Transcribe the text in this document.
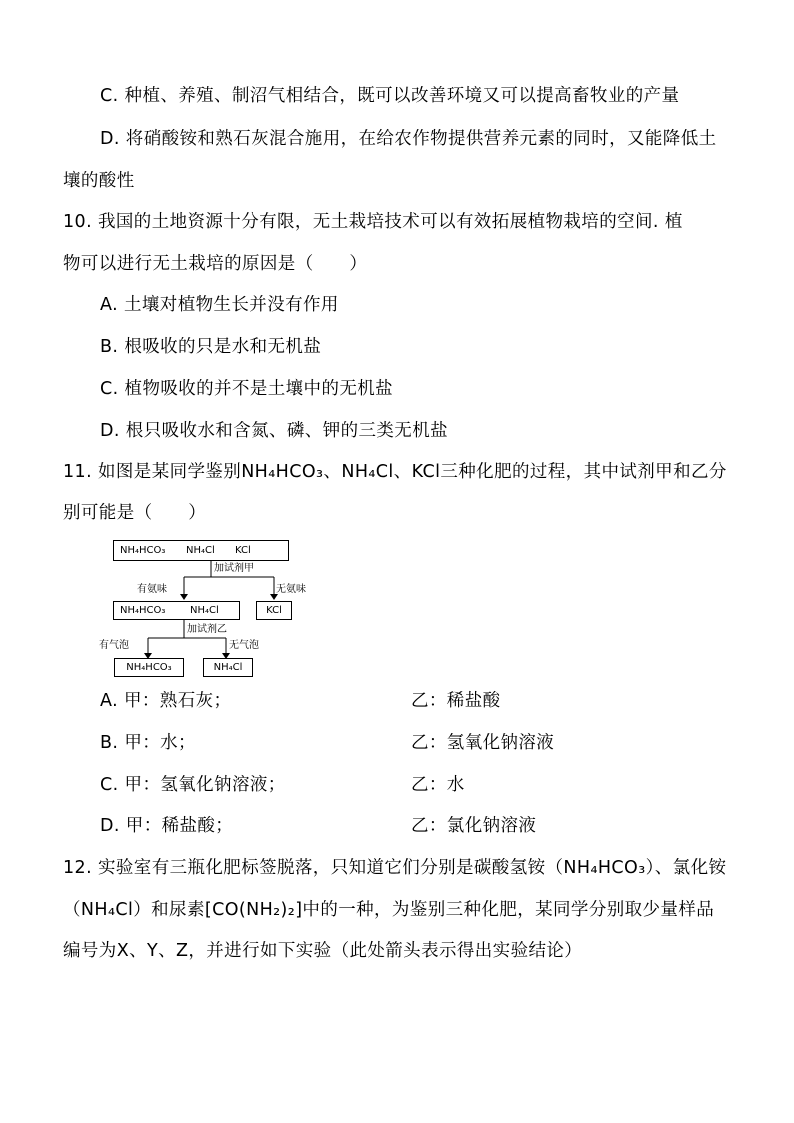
C. 种植、养殖、制沼气相结合，既可以改善环境又可以提高畜牧业的产量
D. 将硝酸铵和熟石灰混合施用，在给农作物提供营养元素的同时，又能降低土
壤的酸性
10. 我国的土地资源十分有限，无土栽培技术可以有效拓展植物栽培的空间. 植
物可以进行无土栽培的原因是（　　）
A. 土壤对植物生长并没有作用
B. 根吸收的只是水和无机盐
C. 植物吸收的并不是土壤中的无机盐
D. 根只吸收水和含氮、磷、钾的三类无机盐
11. 如图是某同学鉴别NH₄HCO₃、NH₄Cl、KCl三种化肥的过程，其中试剂甲和乙分
别可能是（　　）
NH₄HCO₃ NH₄Cl KCl
加试剂甲
有氨味	无氨味
NH₄HCO₃ NH₄Cl	KCl
加试剂乙
有气泡	无气泡
NH₄HCO₃	NH₄Cl
A. 甲：熟石灰；	乙：稀盐酸
B. 甲：水；	乙：氢氧化钠溶液
C. 甲：氢氧化钠溶液；	乙：水
D. 甲：稀盐酸；	乙：氯化钠溶液
12. 实验室有三瓶化肥标签脱落，只知道它们分别是碳酸氢铵（NH₄HCO₃）、氯化铵
（NH₄Cl）和尿素[CO(NH₂)₂]中的一种，为鉴别三种化肥，某同学分别取少量样品
编号为X、Y、Z，并进行如下实验（此处箭头表示得出实验结论）
